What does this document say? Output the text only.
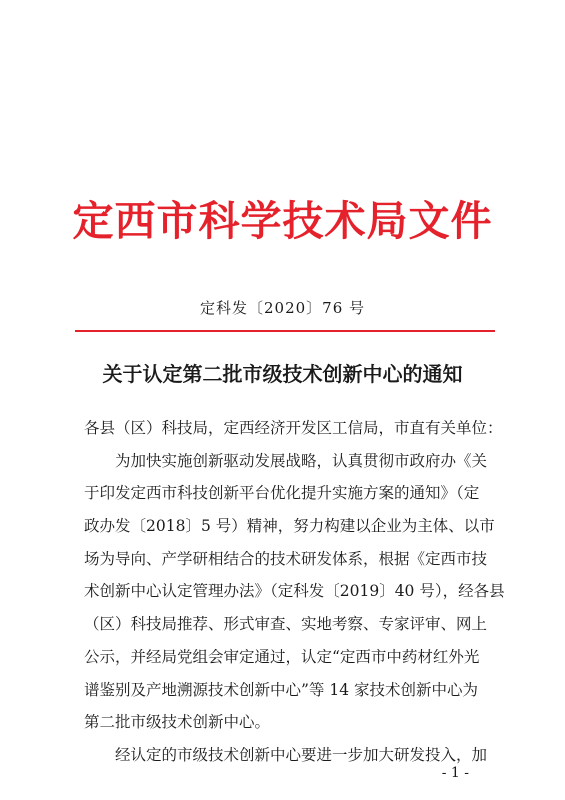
定西市科学技术局文件
定科发〔2020〕76 号
关于认定第二批市级技术创新中心的通知
各县（区）科技局，定西经济开发区工信局，市直有关单位：
为加快实施创新驱动发展战略，认真贯彻市政府办《关
于印发定西市科技创新平台优化提升实施方案的通知》（定
政办发〔2018〕5 号）精神，努力构建以企业为主体、以市
场为导向、产学研相结合的技术研发体系，根据《定西市技
术创新中心认定管理办法》（定科发〔2019〕40 号），经各县
（区）科技局推荐、形式审查、实地考察、专家评审、网上
公示，并经局党组会审定通过，认定“定西市中药材红外光
谱鉴别及产地溯源技术创新中心”等 14 家技术创新中心为
第二批市级技术创新中心。
经认定的市级技术创新中心要进一步加大研发投入，加
- 1 -
